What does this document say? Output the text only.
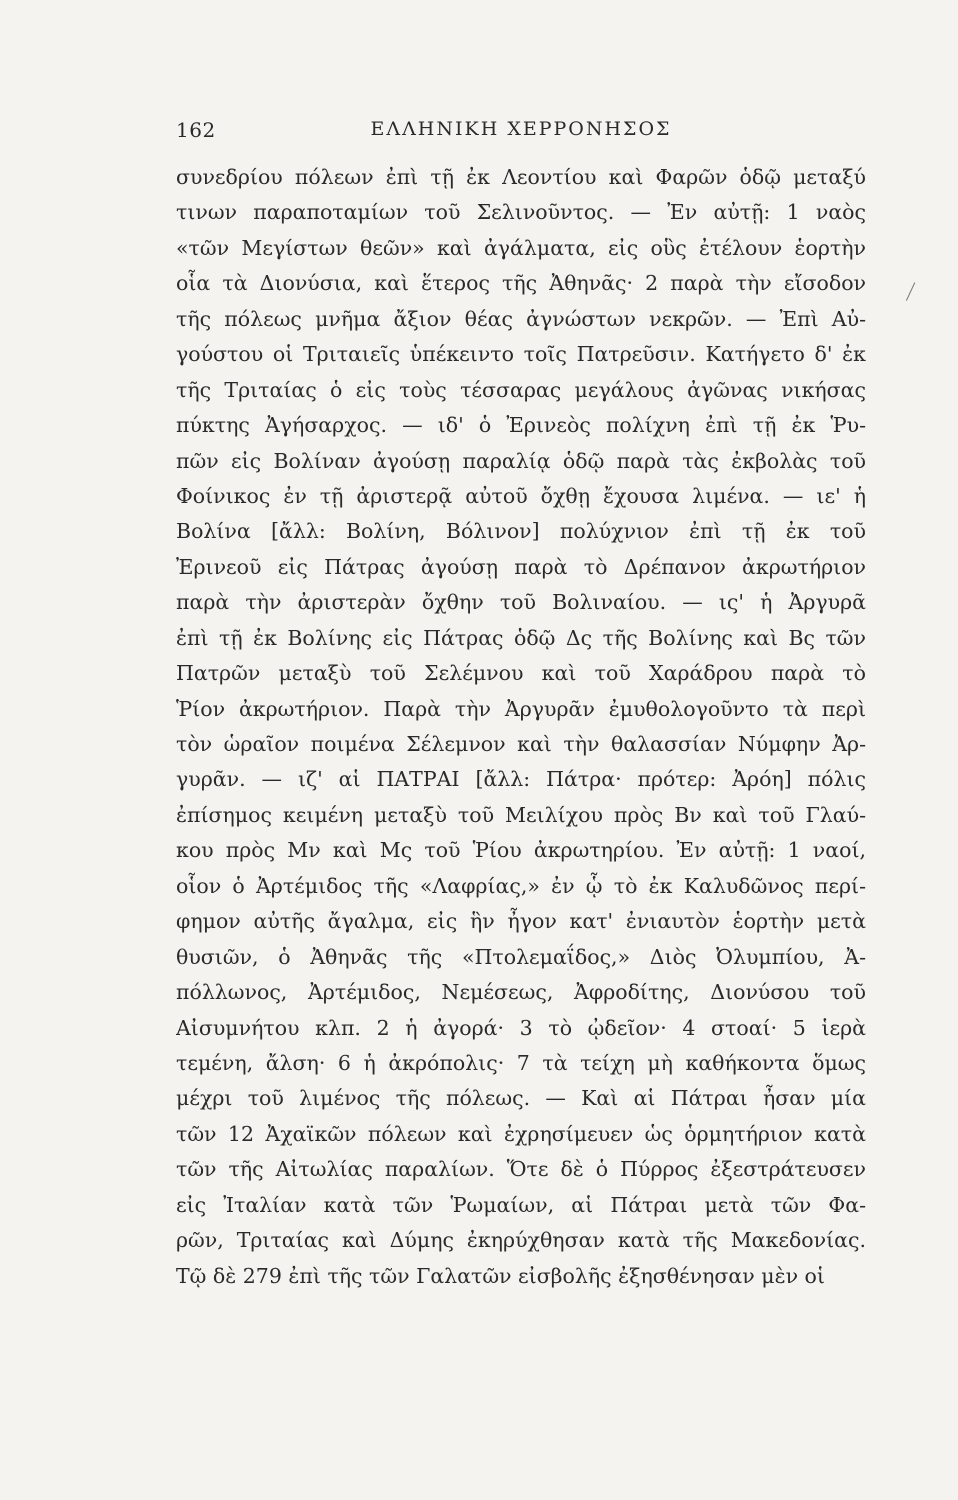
162	ΕΛΛΗΝΙΚΗ ΧΕΡΡΟΝΗΣΟΣ
συνεδρίου πόλεων ἐπὶ τῇ ἐκ Λεοντίου καὶ Φαρῶν ὁδῷ μεταξύ
τινων παραποταμίων τοῦ Σελινοῦντος. — Ἐν αὐτῇ: 1 ναὸς
«τῶν Μεγίστων θεῶν» καὶ ἀγάλματα, εἰς οὓς ἐτέλουν ἑορτὴν
οἷα τὰ Διονύσια, καὶ ἕτερος τῆς Ἀθηνᾶς· 2 παρὰ τὴν εἴσοδον
τῆς πόλεως μνῆμα ἄξιον θέας ἀγνώστων νεκρῶν. — Ἐπὶ Αὐ-
γούστου οἱ Τριταιεῖς ὑπέκειντο τοῖς Πατρεῦσιν. Κατήγετο δ' ἐκ
τῆς Τριταίας ὁ εἰς τοὺς τέσσαρας μεγάλους ἀγῶνας νικήσας
πύκτης Ἀγήσαρχος. — ιδ' ὁ Ἐρινεὸς πολίχνη ἐπὶ τῇ ἐκ Ῥυ-
πῶν εἰς Βολίναν ἀγούσῃ παραλίᾳ ὁδῷ παρὰ τὰς ἐκβολὰς τοῦ
Φοίνικος ἐν τῇ ἀριστερᾷ αὐτοῦ ὄχθῃ ἔχουσα λιμένα. — ιε' ἡ
Βολίνα [ἄλλ: Βολίνη, Βόλινον] πολύχνιον ἐπὶ τῇ ἐκ τοῦ
Ἐρινεοῦ εἰς Πάτρας ἀγούσῃ παρὰ τὸ Δρέπανον ἀκρωτήριον
παρὰ τὴν ἀριστερὰν ὄχθην τοῦ Βολιναίου. — ις' ἡ Ἀργυρᾶ
ἐπὶ τῇ ἐκ Βολίνης εἰς Πάτρας ὁδῷ Δς τῆς Βολίνης καὶ Βς τῶν
Πατρῶν μεταξὺ τοῦ Σελέμνου καὶ τοῦ Χαράδρου παρὰ τὸ
Ῥίον ἀκρωτήριον. Παρὰ τὴν Ἀργυρᾶν ἐμυθολογοῦντο τὰ περὶ
τὸν ὡραῖον ποιμένα Σέλεμνον καὶ τὴν θαλασσίαν Νύμφην Ἀρ-
γυρᾶν. — ιζ' αἱ ΠΑΤΡΑΙ [ἄλλ: Πάτρα· πρότερ: Ἀρόη] πόλις
ἐπίσημος κειμένη μεταξὺ τοῦ Μειλίχου πρὸς Βν καὶ τοῦ Γλαύ-
κου πρὸς Μν καὶ Μς τοῦ Ῥίου ἀκρωτηρίου. Ἐν αὐτῇ: 1 ναοί,
οἷον ὁ Ἀρτέμιδος τῆς «Λαφρίας,» ἐν ᾧ τὸ ἐκ Καλυδῶνος περί-
φημον αὐτῆς ἄγαλμα, εἰς ἣν ἦγον κατ' ἐνιαυτὸν ἑορτὴν μετὰ
θυσιῶν, ὁ Ἀθηνᾶς τῆς «Πτολεμαΐδος,» Διὸς Ὀλυμπίου, Ἀ-
πόλλωνος, Ἀρτέμιδος, Νεμέσεως, Ἀφροδίτης, Διονύσου τοῦ
Αἰσυμνήτου κλπ. 2 ἡ ἀγορά· 3 τὸ ᾠδεῖον· 4 στοαί· 5 ἱερὰ
τεμένη, ἄλση· 6 ἡ ἀκρόπολις· 7 τὰ τείχη μὴ καθήκοντα ὅμως
μέχρι τοῦ λιμένος τῆς πόλεως. — Καὶ αἱ Πάτραι ἦσαν μία
τῶν 12 Ἀχαϊκῶν πόλεων καὶ ἐχρησίμευεν ὡς ὁρμητήριον κατὰ
τῶν τῆς Αἰτωλίας παραλίων. Ὅτε δὲ ὁ Πύρρος ἐξεστράτευσεν
εἰς Ἰταλίαν κατὰ τῶν Ῥωμαίων, αἱ Πάτραι μετὰ τῶν Φα-
ρῶν, Τριταίας καὶ Δύμης ἐκηρύχθησαν κατὰ τῆς Μακεδονίας.
Τῷ δὲ 279 ἐπὶ τῆς τῶν Γαλατῶν εἰσβολῆς ἐξησθένησαν μὲν οἱ
